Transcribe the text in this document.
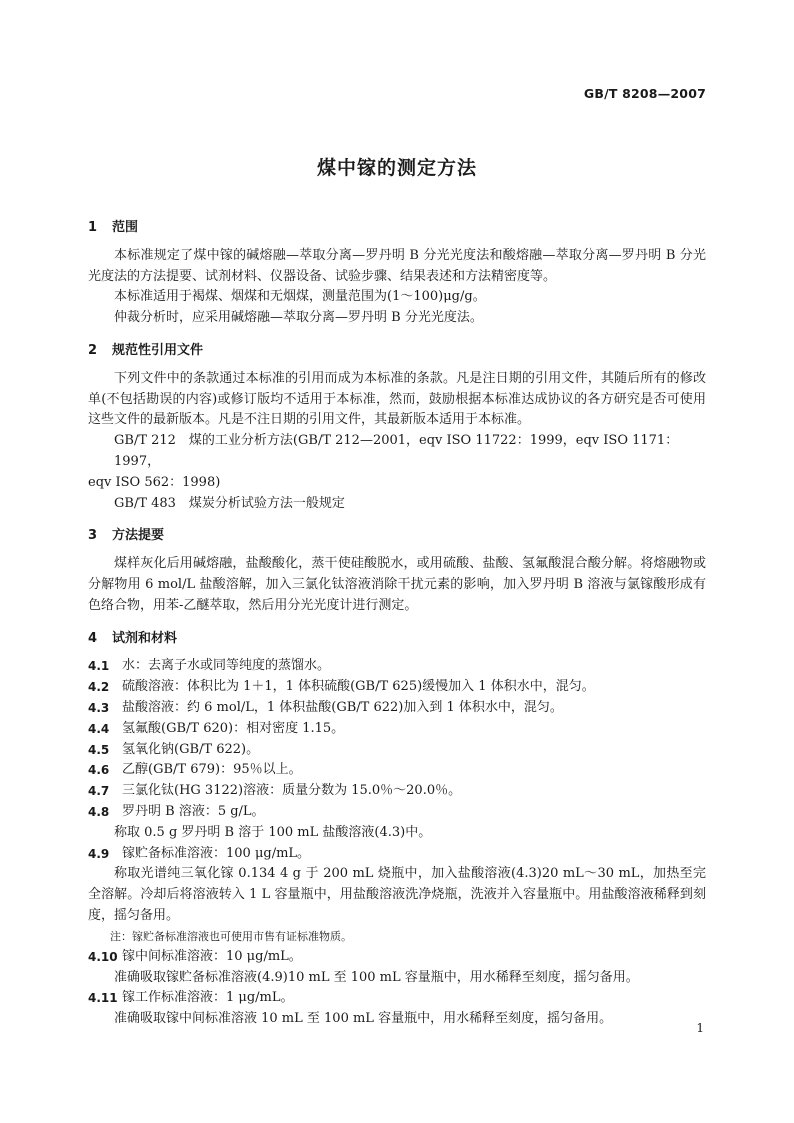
GB/T 8208—2007
煤中镓的测定方法
1 范围

本标准规定了煤中镓的碱熔融—萃取分离—罗丹明 B 分光光度法和酸熔融—萃取分离—罗丹明 B 分光光度法的方法提要、试剂材料、仪器设备、试验步骤、结果表述和方法精密度等。

本标准适用于褐煤、烟煤和无烟煤，测量范围为(1～100)μg/g。

仲裁分析时，应采用碱熔融—萃取分离—罗丹明 B 分光光度法。

2 规范性引用文件

下列文件中的条款通过本标准的引用而成为本标准的条款。凡是注日期的引用文件，其随后所有的修改单(不包括勘误的内容)或修订版均不适用于本标准，然而，鼓励根据本标准达成协议的各方研究是否可使用这些文件的最新版本。凡是不注日期的引用文件，其最新版本适用于本标准。

GB/T 212　煤的工业分析方法(GB/T 212—2001，eqv ISO 11722：1999，eqv ISO 1171：1997，

eqv ISO 562：1998)

GB/T 483　煤炭分析试验方法一般规定

3 方法提要

煤样灰化后用碱熔融，盐酸酸化，蒸干使硅酸脱水，或用硫酸、盐酸、氢氟酸混合酸分解。将熔融物或分解物用 6 mol/L 盐酸溶解，加入三氯化钛溶液消除干扰元素的影响，加入罗丹明 B 溶液与氯镓酸形成有色络合物，用苯-乙醚萃取，然后用分光光度计进行测定。

4 试剂和材料
4.1 水：去离子水或同等纯度的蒸馏水。
4.2 硫酸溶液：体积比为 1＋1，1 体积硫酸(GB/T 625)缓慢加入 1 体积水中，混匀。
4.3 盐酸溶液：约 6 mol/L，1 体积盐酸(GB/T 622)加入到 1 体积水中，混匀。
4.4 氢氟酸(GB/T 620)：相对密度 1.15。
4.5 氢氧化钠(GB/T 622)。
4.6 乙醇(GB/T 679)：95％以上。
4.7 三氯化钛(HG 3122)溶液：质量分数为 15.0％～20.0％。
4.8 罗丹明 B 溶液：5 g/L。

称取 0.5 g 罗丹明 B 溶于 100 mL 盐酸溶液(4.3)中。

4.9 镓贮备标准溶液：100 μg/mL。

称取光谱纯三氧化镓 0.134 4 g 于 200 mL 烧瓶中，加入盐酸溶液(4.3)20 mL～30 mL，加热至完全溶解。冷却后将溶液转入 1 L 容量瓶中，用盐酸溶液洗净烧瓶，洗液并入容量瓶中。用盐酸溶液稀释到刻度，摇匀备用。

注：镓贮备标准溶液也可使用市售有证标准物质。

4.10 镓中间标准溶液：10 μg/mL。

准确吸取镓贮备标准溶液(4.9)10 mL 至 100 mL 容量瓶中，用水稀释至刻度，摇匀备用。

4.11 镓工作标准溶液：1 μg/mL。

准确吸取镓中间标准溶液 10 mL 至 100 mL 容量瓶中，用水稀释至刻度，摇匀备用。

1
